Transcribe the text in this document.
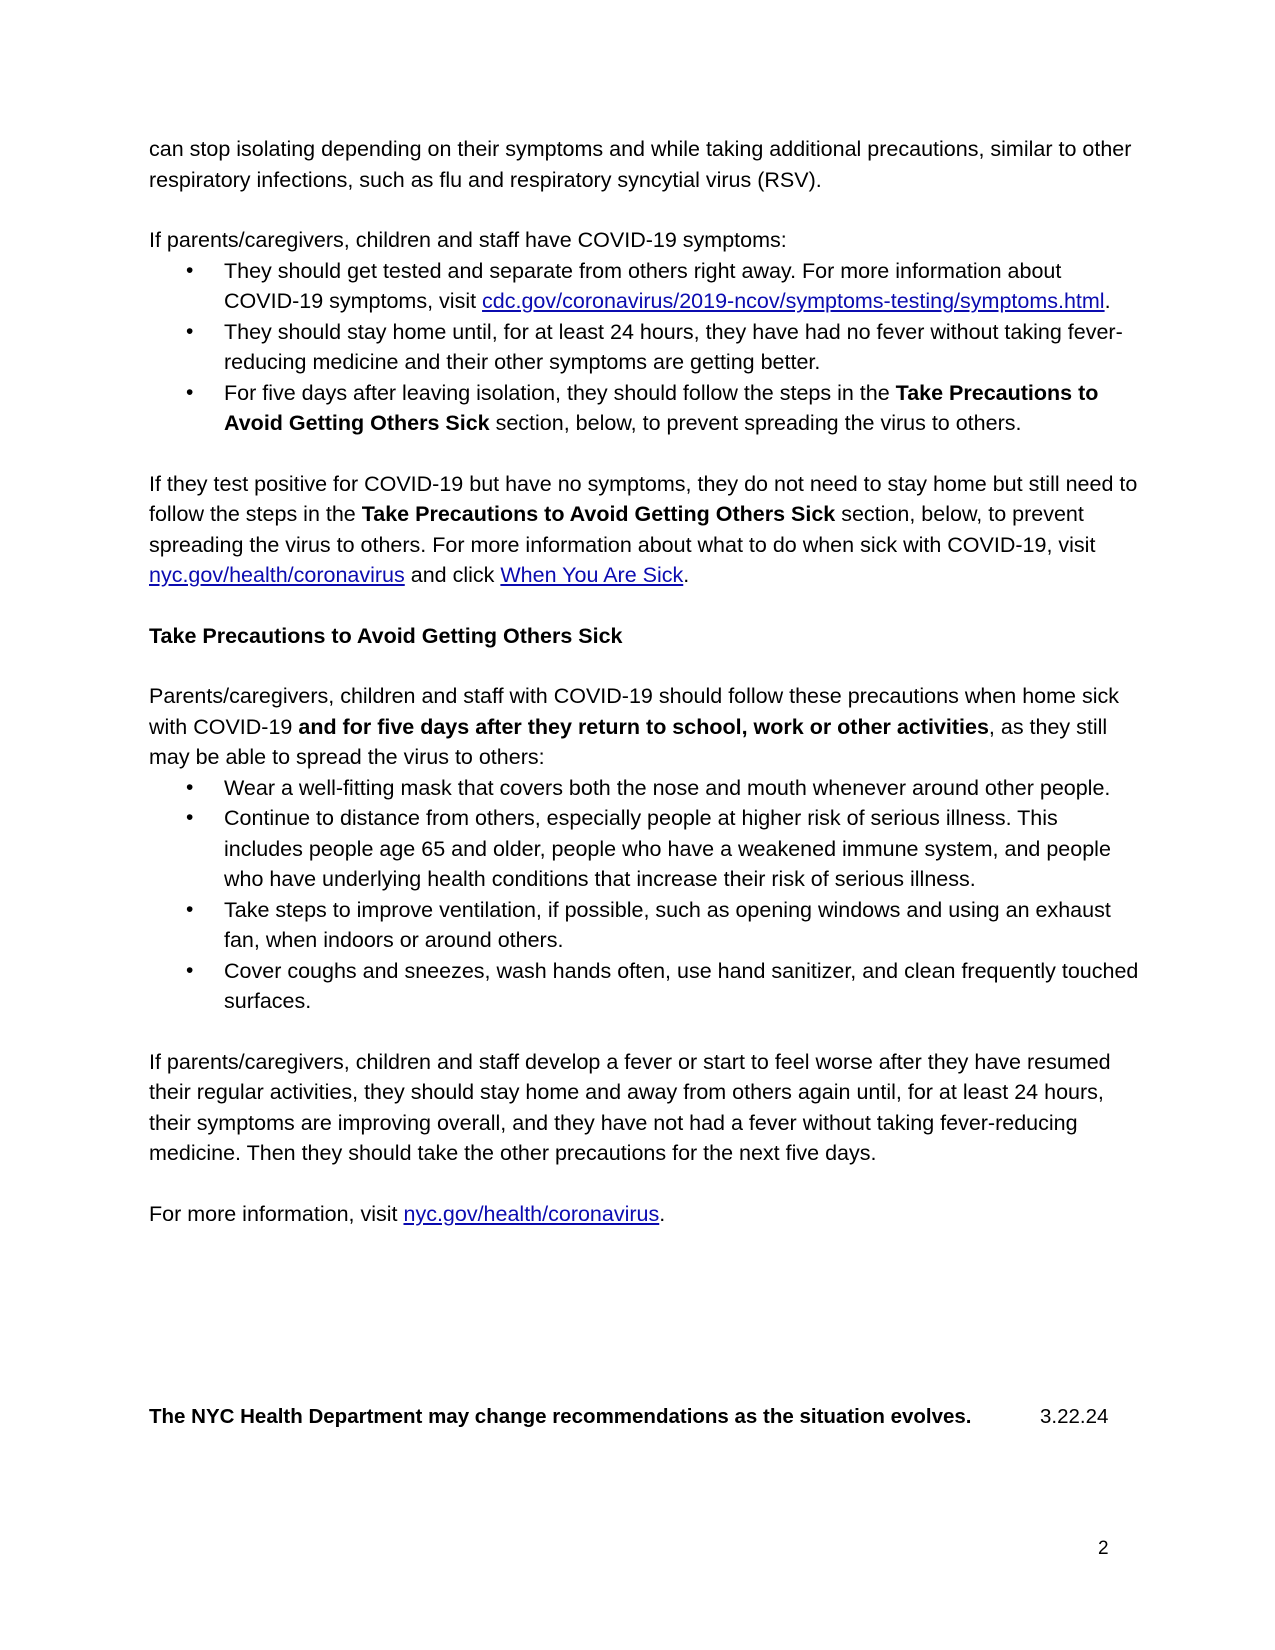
can stop isolating depending on their symptoms and while taking additional precautions, similar to other respiratory infections, such as flu and respiratory syncytial virus (RSV).

If parents/caregivers, children and staff have COVID-19 symptoms:

• They should get tested and separate from others right away. For more information about COVID-19 symptoms, visit cdc.gov/coronavirus/2019-ncov/symptoms-testing/symptoms.html.
• They should stay home until, for at least 24 hours, they have had no fever without taking fever-reducing medicine and their other symptoms are getting better.
• For five days after leaving isolation, they should follow the steps in the Take Precautions to Avoid Getting Others Sick section, below, to prevent spreading the virus to others.

If they test positive for COVID-19 but have no symptoms, they do not need to stay home but still need to follow the steps in the Take Precautions to Avoid Getting Others Sick section, below, to prevent spreading the virus to others. For more information about what to do when sick with COVID-19, visit nyc.gov/health/coronavirus and click When You Are Sick.

Take Precautions to Avoid Getting Others Sick

Parents/caregivers, children and staff with COVID-19 should follow these precautions when home sick with COVID-19 and for five days after they return to school, work or other activities, as they still may be able to spread the virus to others:

• Wear a well-fitting mask that covers both the nose and mouth whenever around other people.
• Continue to distance from others, especially people at higher risk of serious illness. This includes people age 65 and older, people who have a weakened immune system, and people who have underlying health conditions that increase their risk of serious illness.
• Take steps to improve ventilation, if possible, such as opening windows and using an exhaust fan, when indoors or around others.
• Cover coughs and sneezes, wash hands often, use hand sanitizer, and clean frequently touched surfaces.

If parents/caregivers, children and staff develop a fever or start to feel worse after they have resumed their regular activities, they should stay home and away from others again until, for at least 24 hours, their symptoms are improving overall, and they have not had a fever without taking fever-reducing medicine. Then they should take the other precautions for the next five days.

For more information, visit nyc.gov/health/coronavirus.

The NYC Health Department may change recommendations as the situation evolves.	3.22.24
2
